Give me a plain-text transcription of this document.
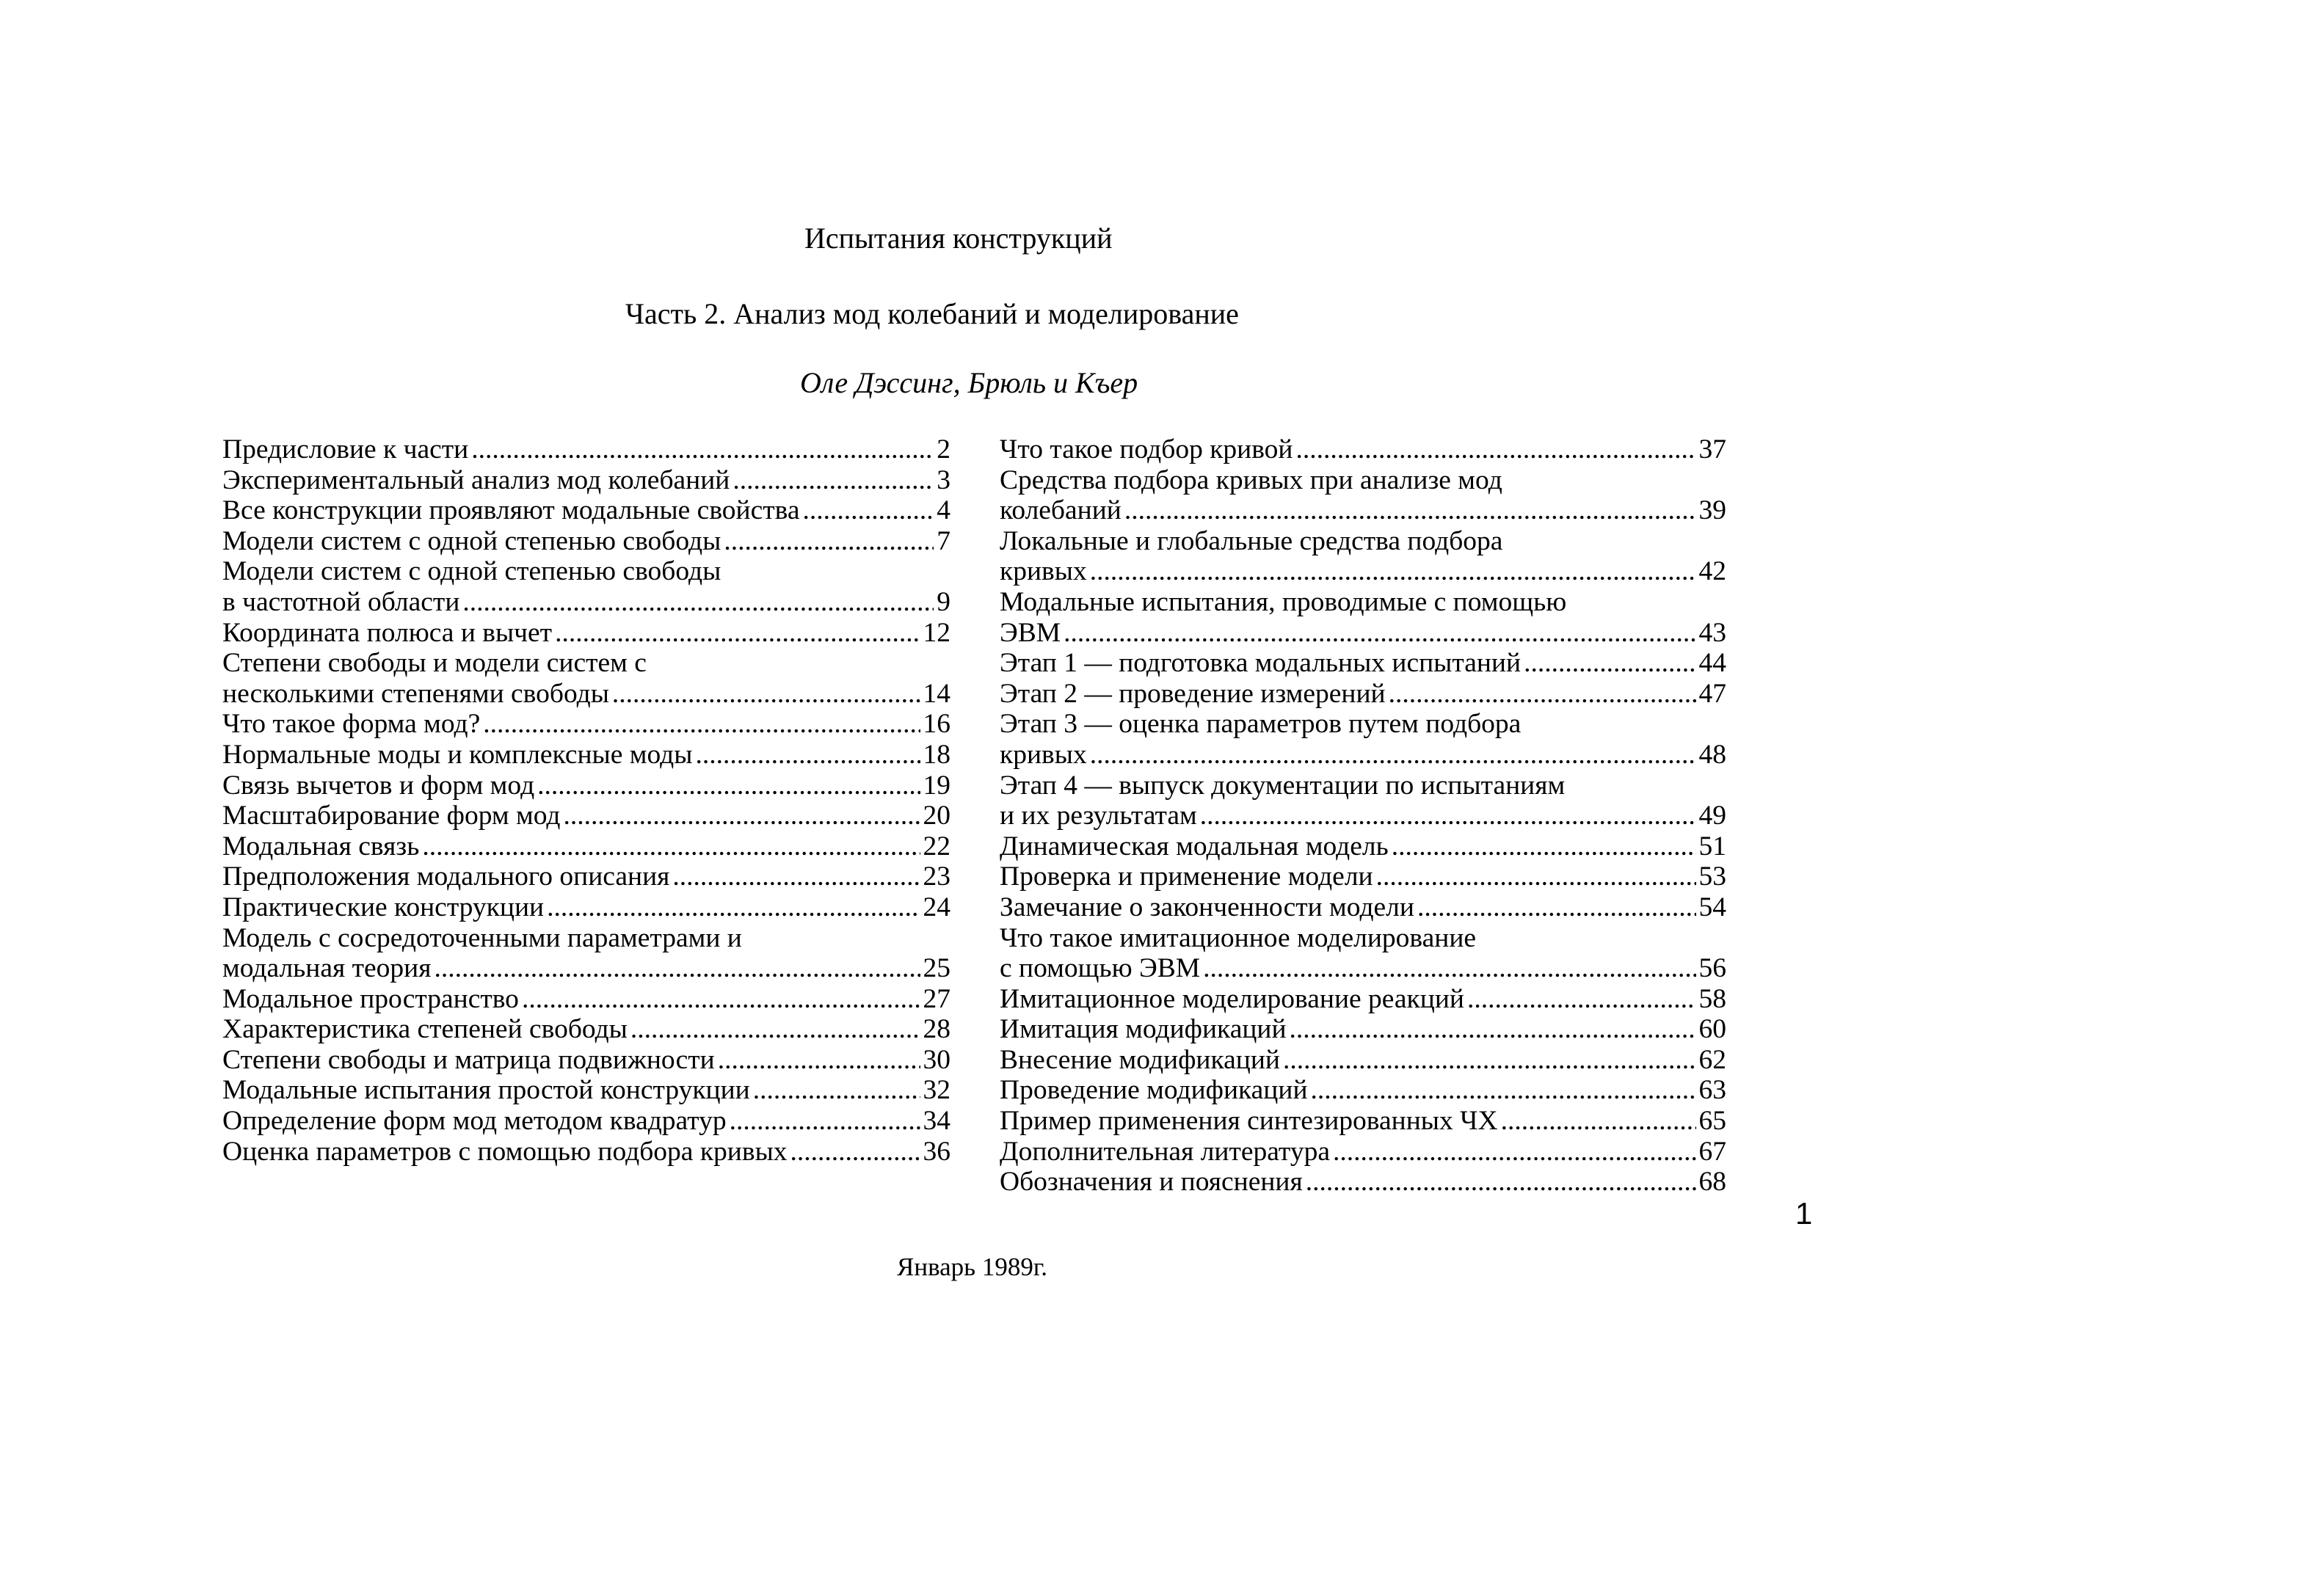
Испытания конструкций
Часть 2. Анализ мод колебаний и моделирование
Оле Дэссинг, Брюль и Къер
Предисловие к части .....	2
Экспериментальный анализ мод колебаний .....	3
Все конструкции проявляют модальные свойства .....	4
Модели систем с одной степенью свободы .....	7
Модели систем с одной степенью свободы
в частотной области .....	9
Координата полюса и вычет .....	12
Степени свободы и модели систем с
несколькими степенями свободы .....	14
Что такое форма мод? .....	16
Нормальные моды и комплексные моды .....	18
Связь вычетов и форм мод .....	19
Масштабирование форм мод .....	20
Модальная связь .....	22
Предположения модального описания .....	23
Практические конструкции .....	24
Модель с сосредоточенными параметрами и
модальная теория .....	25
Модальное пространство .....	27
Характеристика степеней свободы .....	28
Степени свободы и матрица подвижности .....	30
Модальные испытания простой конструкции .....	32
Определение форм мод методом квадратур .....	34
Оценка параметров с помощью подбора кривых .....	36
Что такое подбор кривой .....	37
Средства подбора кривых при анализе мод
колебаний .....	39
Локальные и глобальные средства подбора
кривых .....	42
Модальные испытания, проводимые с помощью
ЭВМ .....	43
Этап 1 — подготовка модальных испытаний .....	44
Этап 2 — проведение измерений .....	47
Этап 3 — оценка параметров путем подбора
кривых .....	48
Этап 4 — выпуск документации по испытаниям
и их результатам .....	49
Динамическая модальная модель .....	51
Проверка и применение модели .....	53
Замечание о законченности модели .....	54
Что такое имитационное моделирование
с помощью ЭВМ .....	56
Имитационное моделирование реакций .....	58
Имитация модификаций .....	60
Внесение модификаций .....	62
Проведение модификаций .....	63
Пример применения синтезированных ЧХ .....	65
Дополнительная литература .....	67
Обозначения и пояснения .....	68
1
Январь 1989г.
